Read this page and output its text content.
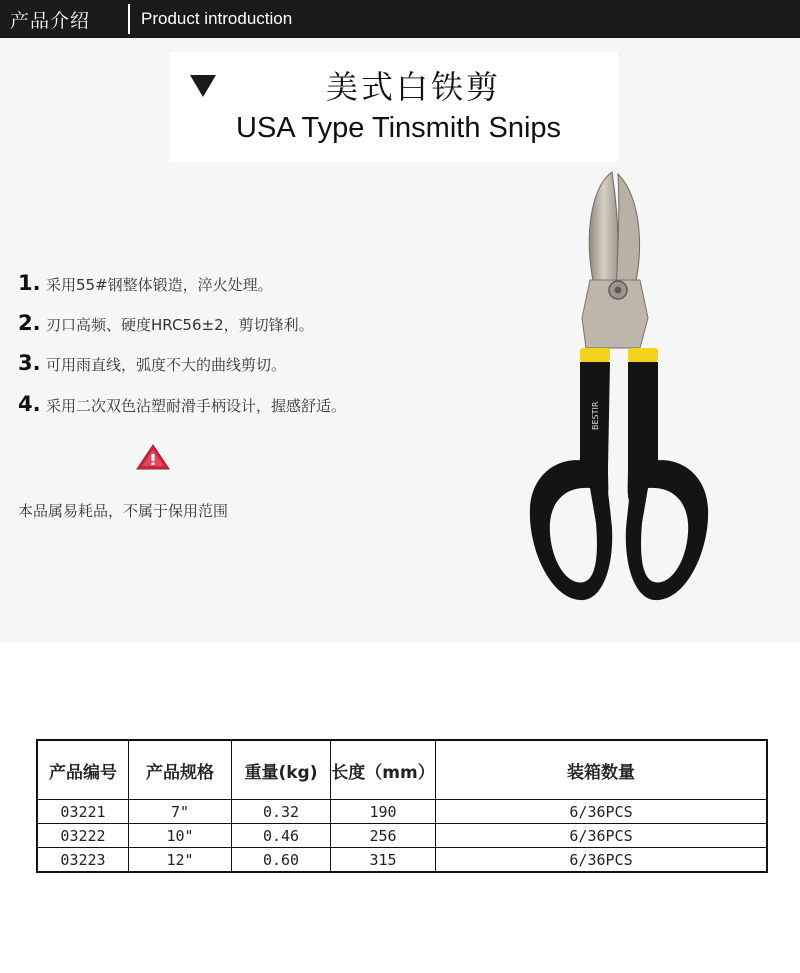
产品介绍	Product introduction
美式白铁剪
USA Type Tinsmith Snips
1. 采用55#钢整体锻造，淬火处理。
2. 刃口高频、硬度HRC56±2，剪切锋利。
3. 可用雨直线，弧度不大的曲线剪切。
4. 采用二次双色沾塑耐滑手柄设计，握感舒适。
本品属易耗品，不属于保用范围
BESTIR
产品编号	产品规格	重量(kg)	长度（mm）	装箱数量
03221	7"	0.32	190	6/36PCS
03222	10"	0.46	256	6/36PCS
03223	12"	0.60	315	6/36PCS
